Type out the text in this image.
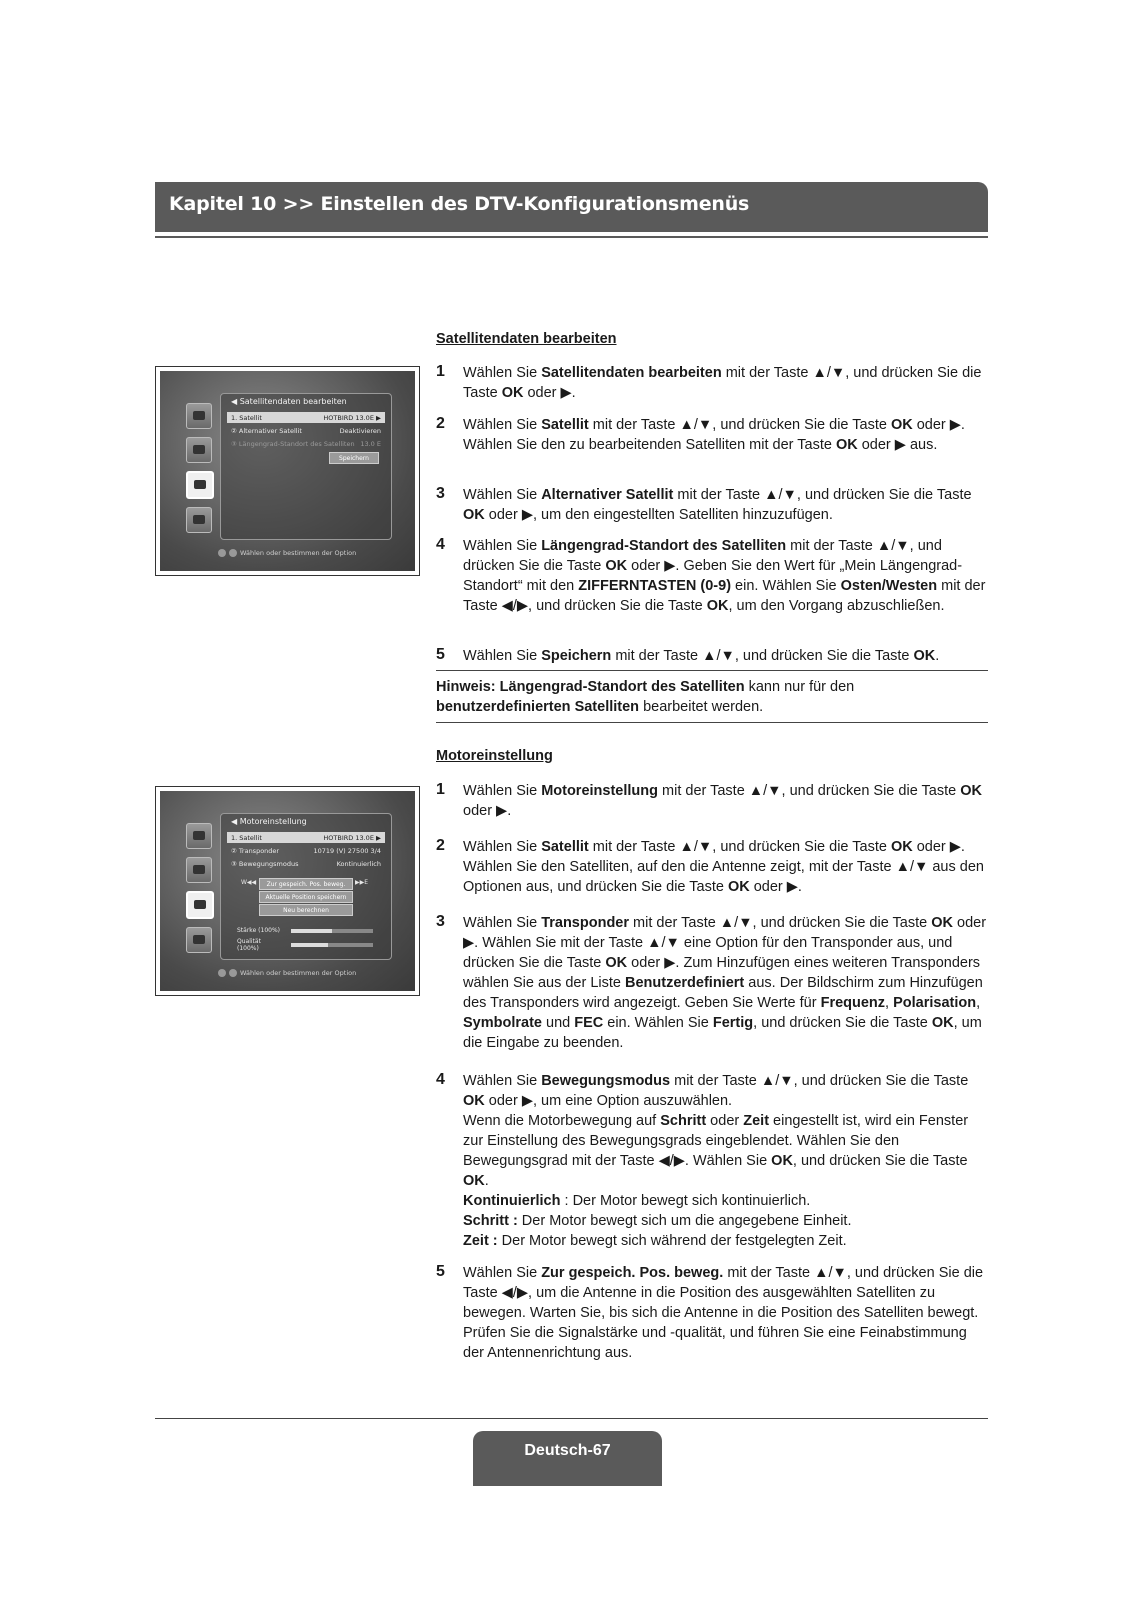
Kapitel 10 >> Einstellen des DTV-Konfigurationsmenüs
Satellitendaten bearbeiten
1 Wählen Sie Satellitendaten bearbeiten mit der Taste ▲/▼, und drücken Sie die Taste OK oder ▶.
2 Wählen Sie Satellit mit der Taste ▲/▼, und drücken Sie die Taste OK oder ▶. Wählen Sie den zu bearbeitenden Satelliten mit der Taste OK oder ▶ aus.
3 Wählen Sie Alternativer Satellit mit der Taste ▲/▼, und drücken Sie die Taste OK oder ▶, um den eingestellten Satelliten hinzuzufügen.
4 Wählen Sie Längengrad-Standort des Satelliten mit der Taste ▲/▼, und drücken Sie die Taste OK oder ▶. Geben Sie den Wert für „Mein Längengrad-Standort“ mit den ZIFFERNTASTEN (0-9) ein. Wählen Sie Osten/Westen mit der Taste ◀/▶, und drücken Sie die Taste OK, um den Vorgang abzuschließen.
5 Wählen Sie Speichern mit der Taste ▲/▼, und drücken Sie die Taste OK.
Hinweis: Längengrad-Standort des Satelliten kann nur für den benutzerdefinierten Satelliten bearbeitet werden.
◀ Satellitendaten bearbeiten
1. Satellit	HOTBIRD 13.0E ▶
② Alternativer Satellit	Deaktivieren
③ Längengrad-Standort des Satelliten 13.0 E
Speichern
Wählen oder bestimmen der Option
Motoreinstellung
1 Wählen Sie Motoreinstellung mit der Taste ▲/▼, und drücken Sie die Taste OK oder ▶.
2 Wählen Sie Satellit mit der Taste ▲/▼, und drücken Sie die Taste OK oder ▶. Wählen Sie den Satelliten, auf den die Antenne zeigt, mit der Taste ▲/▼ aus den Optionen aus, und drücken Sie die Taste OK oder ▶.
3 Wählen Sie Transponder mit der Taste ▲/▼, und drücken Sie die Taste OK oder ▶. Wählen Sie mit der Taste ▲/▼ eine Option für den Transponder aus, und drücken Sie die Taste OK oder ▶. Zum Hinzufügen eines weiteren Transponders wählen Sie aus der Liste Benutzerdefiniert aus. Der Bildschirm zum Hinzufügen des Transponders wird angezeigt. Geben Sie Werte für Frequenz, Polarisation, Symbolrate und FEC ein. Wählen Sie Fertig, und drücken Sie die Taste OK, um die Eingabe zu beenden.
4 Wählen Sie Bewegungsmodus mit der Taste ▲/▼, und drücken Sie die Taste OK oder ▶, um eine Option auszuwählen.
Wenn die Motorbewegung auf Schritt oder Zeit eingestellt ist, wird ein Fenster zur Einstellung des Bewegungsgrads eingeblendet. Wählen Sie den Bewegungsgrad mit der Taste ◀/▶. Wählen Sie OK, und drücken Sie die Taste OK.
Kontinuierlich : Der Motor bewegt sich kontinuierlich.
Schritt : Der Motor bewegt sich um die angegebene Einheit.
Zeit : Der Motor bewegt sich während der festgelegten Zeit.
5 Wählen Sie Zur gespeich. Pos. beweg. mit der Taste ▲/▼, und drücken Sie die Taste ◀/▶, um die Antenne in die Position des ausgewählten Satelliten zu bewegen. Warten Sie, bis sich die Antenne in die Position des Satelliten bewegt. Prüfen Sie die Signalstärke und -qualität, und führen Sie eine Feinabstimmung der Antennenrichtung aus.
◀ Motoreinstellung
1. Satellit	HOTBIRD 13.0E ▶
② Transponder	10719 (V) 27500 3/4
③ Bewegungsmodus	Kontinuierlich
W◀◀	Zur gespeich. Pos. beweg.	▶▶E
Aktuelle Position speichern
Neu berechnen
Stärke (100%)
Qualität (100%)
Wählen oder bestimmen der Option
Deutsch-67
